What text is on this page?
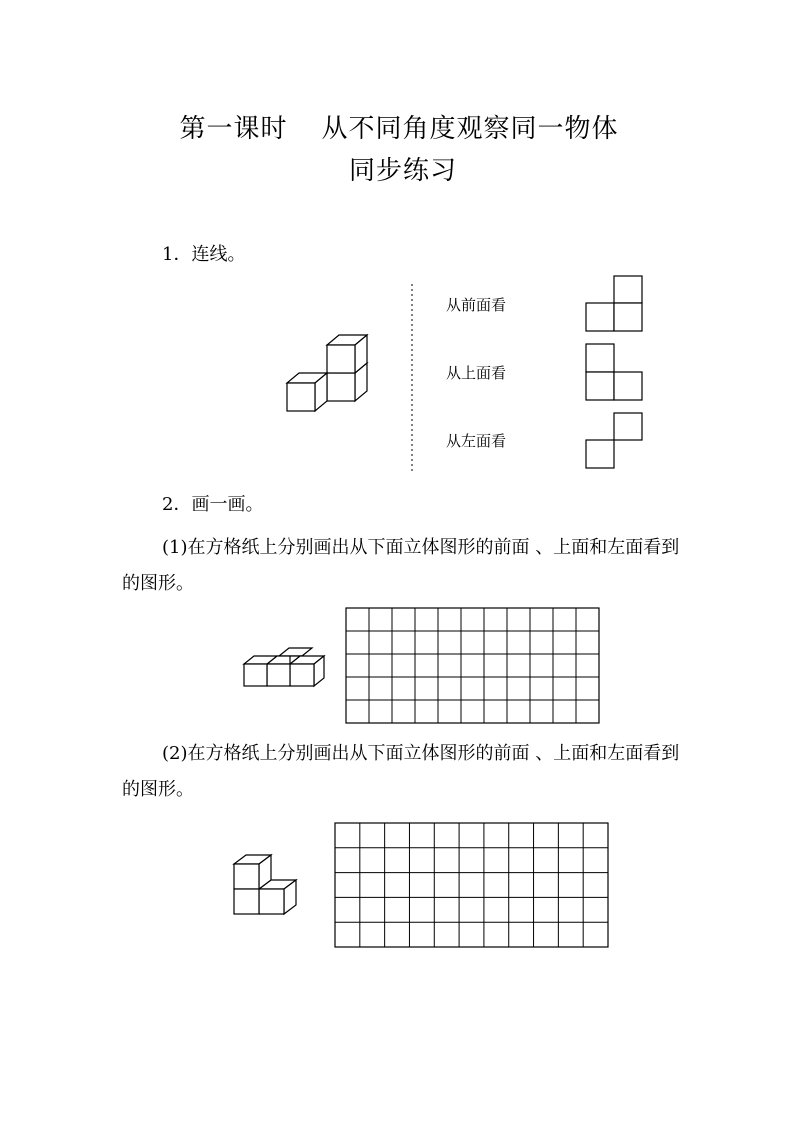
第一课时 从不同角度观察同一物体
同步练习
1．连线。
从前面看
从上面看
从左面看
2．画一画。
(1)在方格纸上分别画出从下面立体图形的前面 、上面和左面看到的图形。
(2)在方格纸上分别画出从下面立体图形的前面 、上面和左面看到的图形。
